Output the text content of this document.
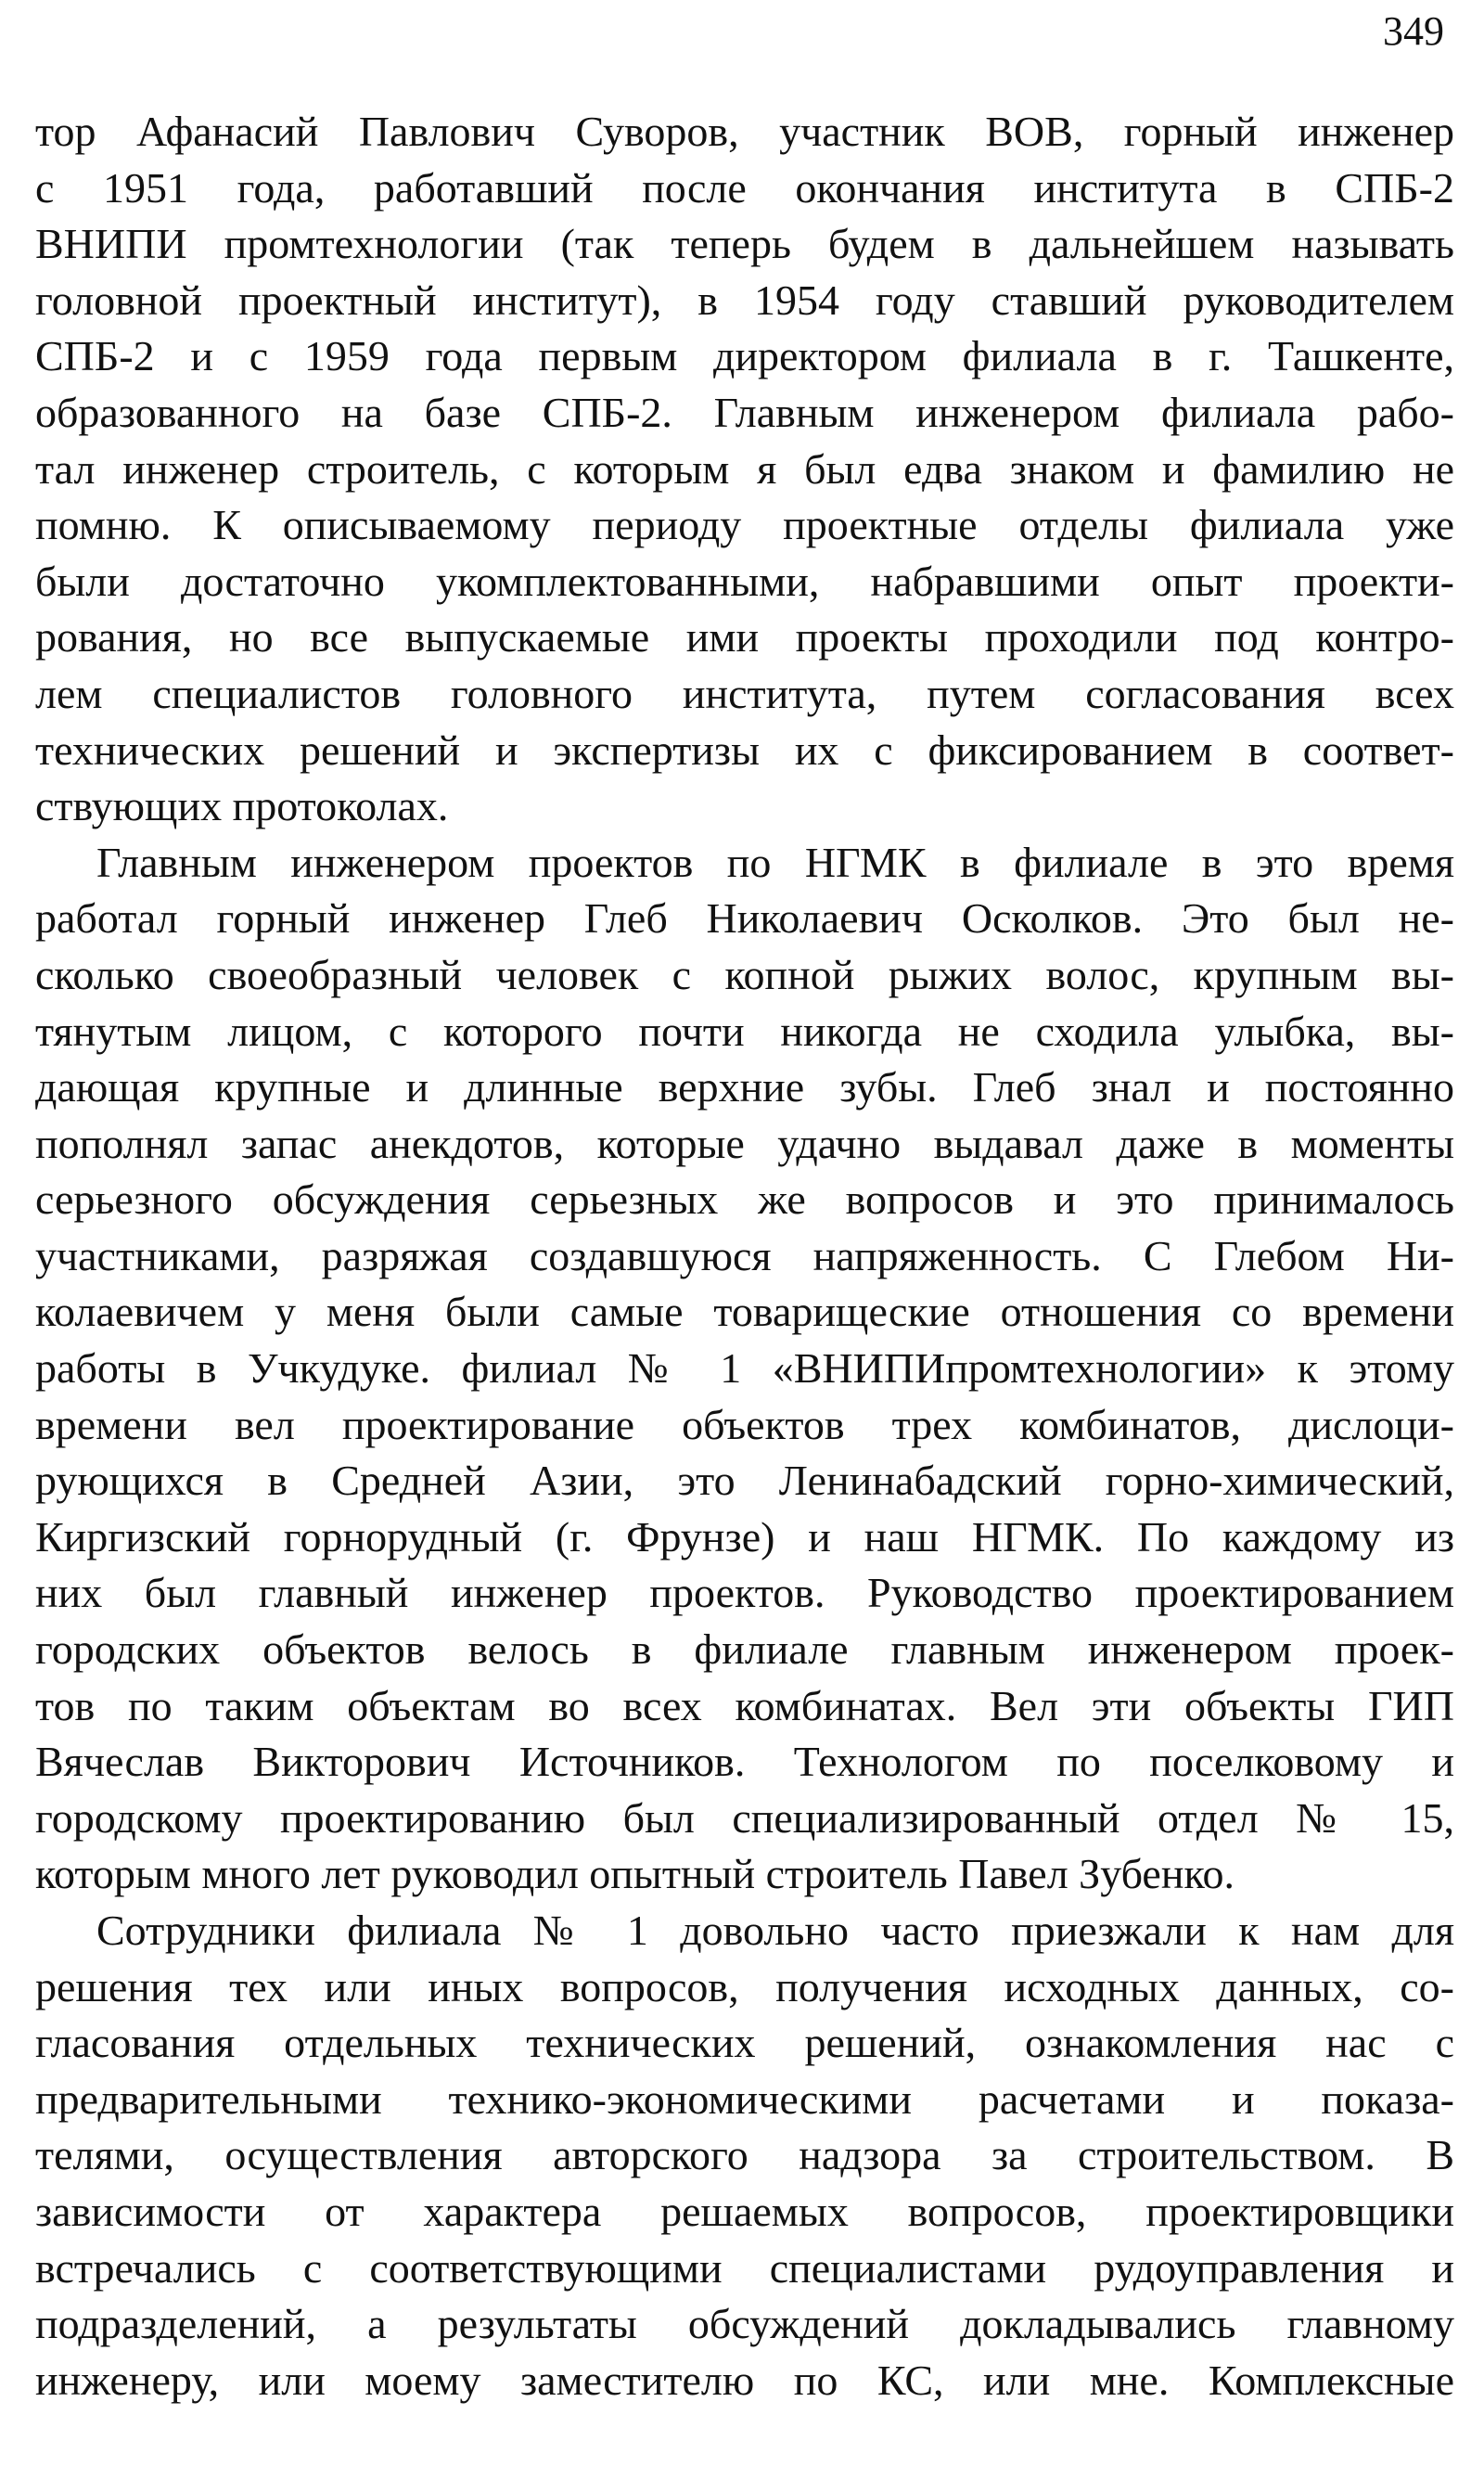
349
тор Афанасий Павлович Суворов, участник ВОВ, горный инженер
с 1951 года, работавший после окончания института в СПБ-2
ВНИПИ промтехнологии (так теперь будем в дальнейшем называть
головной проектный институт), в 1954 году ставший руководителем
СПБ-2 и с 1959 года первым директором филиала в г. Ташкенте,
образованного на базе СПБ-2. Главным инженером филиала рабо-
тал инженер строитель, с которым я был едва знаком и фамилию не
помню. К описываемому периоду проектные отделы филиала уже
были достаточно укомплектованными, набравшими опыт проекти-
рования, но все выпускаемые ими проекты проходили под контро-
лем специалистов головного института, путем согласования всех
технических решений и экспертизы их с фиксированием в соответ-
ствующих протоколах.
Главным инженером проектов по НГМК в филиале в это время
работал горный инженер Глеб Николаевич Осколков. Это был не-
сколько своеобразный человек с копной рыжих волос, крупным вы-
тянутым лицом, с которого почти никогда не сходила улыбка, вы-
дающая крупные и длинные верхние зубы. Глеб знал и постоянно
пополнял запас анекдотов, которые удачно выдавал даже в моменты
серьезного обсуждения серьезных же вопросов и это принималось
участниками, разряжая создавшуюся напряженность. С Глебом Ни-
колаевичем у меня были самые товарищеские отношения со времени
работы в Учкудуке. филиал № 1 «ВНИПИпромтехнологии» к этому
времени вел проектирование объектов трех комбинатов, дислоци-
рующихся в Средней Азии, это Ленинабадский горно-химический,
Киргизский горнорудный (г. Фрунзе) и наш НГМК. По каждому из
них был главный инженер проектов. Руководство проектированием
городских объектов велось в филиале главным инженером проек-
тов по таким объектам во всех комбинатах. Вел эти объекты ГИП
Вячеслав Викторович Источников. Технологом по поселковому и
городскому проектированию был специализированный отдел № 15,
которым много лет руководил опытный строитель Павел Зубенко.
Сотрудники филиала № 1 довольно часто приезжали к нам для
решения тех или иных вопросов, получения исходных данных, со-
гласования отдельных технических решений, ознакомления нас с
предварительными технико-экономическими расчетами и показа-
телями, осуществления авторского надзора за строительством. В
зависимости от характера решаемых вопросов, проектировщики
встречались с соответствующими специалистами рудоуправления и
подразделений, а результаты обсуждений докладывались главному
инженеру, или моему заместителю по КС, или мне. Комплексные
